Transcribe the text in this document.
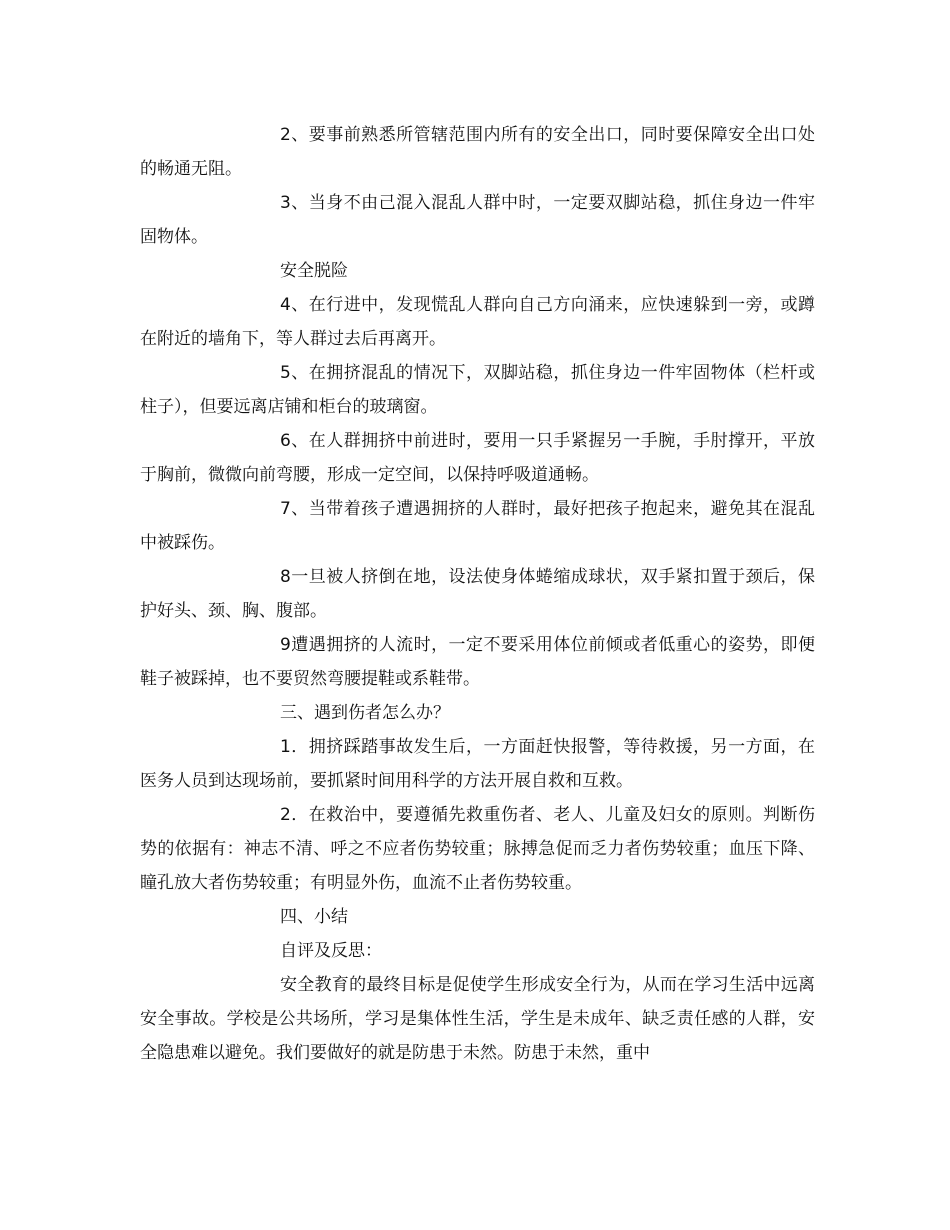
2、要事前熟悉所管辖范围内所有的安全出口，同时要保障安全出口处的畅通无阻。

3、当身不由己混入混乱人群中时，一定要双脚站稳，抓住身边一件牢固物体。

安全脱险

4、在行进中，发现慌乱人群向自己方向涌来，应快速躲到一旁，或蹲在附近的墙角下，等人群过去后再离开。

5、在拥挤混乱的情况下，双脚站稳，抓住身边一件牢固物体（栏杆或柱子），但要远离店铺和柜台的玻璃窗。

6、在人群拥挤中前进时，要用一只手紧握另一手腕，手肘撑开，平放于胸前，微微向前弯腰，形成一定空间，以保持呼吸道通畅。

7、当带着孩子遭遇拥挤的人群时，最好把孩子抱起来，避免其在混乱中被踩伤。

8一旦被人挤倒在地，设法使身体蜷缩成球状，双手紧扣置于颈后，保护好头、颈、胸、腹部。

9遭遇拥挤的人流时，一定不要采用体位前倾或者低重心的姿势，即便鞋子被踩掉，也不要贸然弯腰提鞋或系鞋带。

三、遇到伤者怎么办？

1．拥挤踩踏事故发生后，一方面赶快报警，等待救援，另一方面，在医务人员到达现场前，要抓紧时间用科学的方法开展自救和互救。

2．在救治中，要遵循先救重伤者、老人、儿童及妇女的原则。判断伤势的依据有：神志不清、呼之不应者伤势较重；脉搏急促而乏力者伤势较重；血压下降、瞳孔放大者伤势较重；有明显外伤，血流不止者伤势较重。

四、小结

自评及反思：

安全教育的最终目标是促使学生形成安全行为，从而在学习生活中远离安全事故。学校是公共场所，学习是集体性生活，学生是未成年、缺乏责任感的人群，安全隐患难以避免。我们要做好的就是防患于未然。防患于未然，重中
